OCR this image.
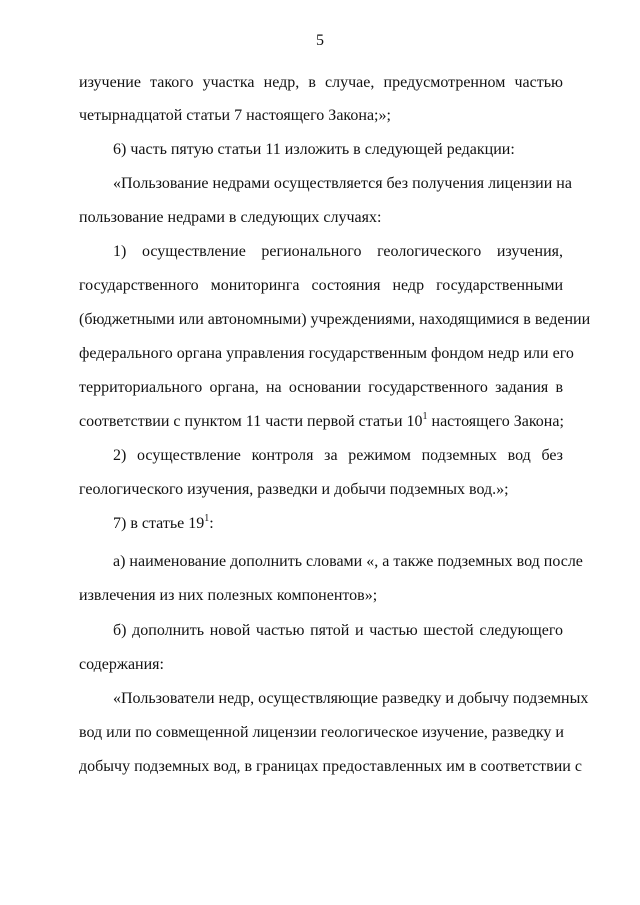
5
изучение такого участка недр, в случае, предусмотренном частью
четырнадцатой статьи 7 настоящего Закона;»;
6) часть пятую статьи 11 изложить в следующей редакции:
«Пользование недрами осуществляется без получения лицензии на
пользование недрами в следующих случаях:
1) осуществление регионального геологического изучения,
государственного мониторинга состояния недр государственными
(бюджетными или автономными) учреждениями, находящимися в ведении
федерального органа управления государственным фондом недр или его
территориального органа, на основании государственного задания в
соответствии с пунктом 11 части первой статьи $10^1$ настоящего Закона;
2) осуществление контроля за режимом подземных вод без
геологического изучения, разведки и добычи подземных вод.»;
7) в статье $19^1$:
а) наименование дополнить словами «, а также подземных вод после
извлечения из них полезных компонентов»;
б) дополнить новой частью пятой и частью шестой следующего
содержания:
«Пользователи недр, осуществляющие разведку и добычу подземных
вод или по совмещенной лицензии геологическое изучение, разведку и
добычу подземных вод, в границах предоставленных им в соответствии с
